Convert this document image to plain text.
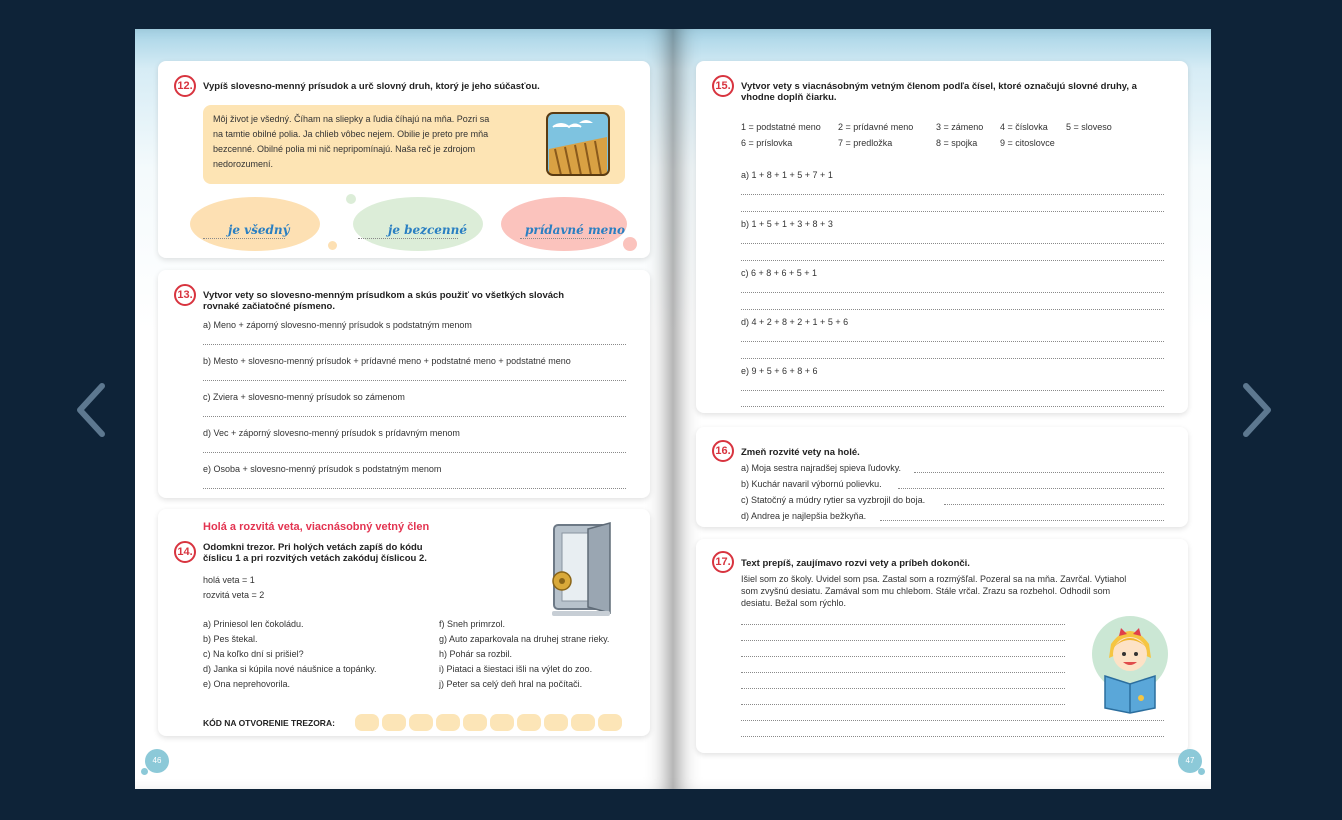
12.	Vypíš slovesno-menný prísudok a urč slovný druh, ktorý je jeho súčasťou.
Môj život je všedný. Číham na sliepky a ľudia číhajú na mňa. Pozri sa
na tamtie obilné polia. Ja chlieb vôbec nejem. Obilie je preto pre mňa
bezcenné. Obilné polia mi nič nepripomínajú. Naša reč je zdrojom
nedorozumení.
je všedný	je bezcenné	prídavné meno
13.	Vytvor vety so slovesno-menným prísudkom a skús použiť vo všetkých slovách
rovnaké začiatočné písmeno.
a) Meno + záporný slovesno-menný prísudok s podstatným menom
b) Mesto + slovesno-menný prísudok + prídavné meno + podstatné meno + podstatné meno
c) Zviera + slovesno-menný prísudok so zámenom
d) Vec + záporný slovesno-menný prísudok s prídavným menom
e) Osoba + slovesno-menný prísudok s podstatným menom
Holá a rozvitá veta, viacnásobný vetný člen
14.	Odomkni trezor. Pri holých vetách zapíš do kódu
číslicu 1 a pri rozvitých vetách zakóduj číslicou 2.
holá veta = 1
rozvitá veta = 2
a) Priniesol len čokoládu.
b) Pes štekal.
c) Na koľko dní si prišiel?
d) Janka si kúpila nové náušnice a topánky.
e) Ona neprehovorila.
f) Sneh primrzol.
g) Auto zaparkovala na druhej strane rieky.
h) Pohár sa rozbil.
i) Piataci a šiestaci išli na výlet do zoo.
j) Peter sa celý deň hral na počítači.
KÓD NA OTVORENIE TREZORA:
46
15.	Vytvor vety s viacnásobným vetným členom podľa čísel, ktoré označujú slovné druhy, a
vhodne doplň čiarku.
1 = podstatné meno 2 = prídavné meno	3 = zámeno 4 = číslovka 5 = sloveso
6 = príslovka	7 = predložka	8 = spojka	9 = citoslovce
a) 1 + 8 + 1 + 5 + 7 + 1
b) 1 + 5 + 1 + 3 + 8 + 3
c) 6 + 8 + 6 + 5 + 1
d) 4 + 2 + 8 + 2 + 1 + 5 + 6
e) 9 + 5 + 6 + 8 + 6
16.	Zmeň rozvité vety na holé.
a) Moja sestra najradšej spieva ľudovky.
b) Kuchár navaril výbornú polievku.
c) Statočný a múdry rytier sa vyzbrojil do boja.
d) Andrea je najlepšia bežkyňa.
17.	Text prepíš, zaujímavo rozvi vety a príbeh dokonči.
Išiel som zo školy. Uvidel som psa. Zastal som a rozmýšľal. Pozeral sa na mňa. Zavrčal. Vytiahol
som zvyšnú desiatu. Zamával som mu chlebom. Stále vrčal. Zrazu sa rozbehol. Odhodil som
desiatu. Bežal som rýchlo.
47
